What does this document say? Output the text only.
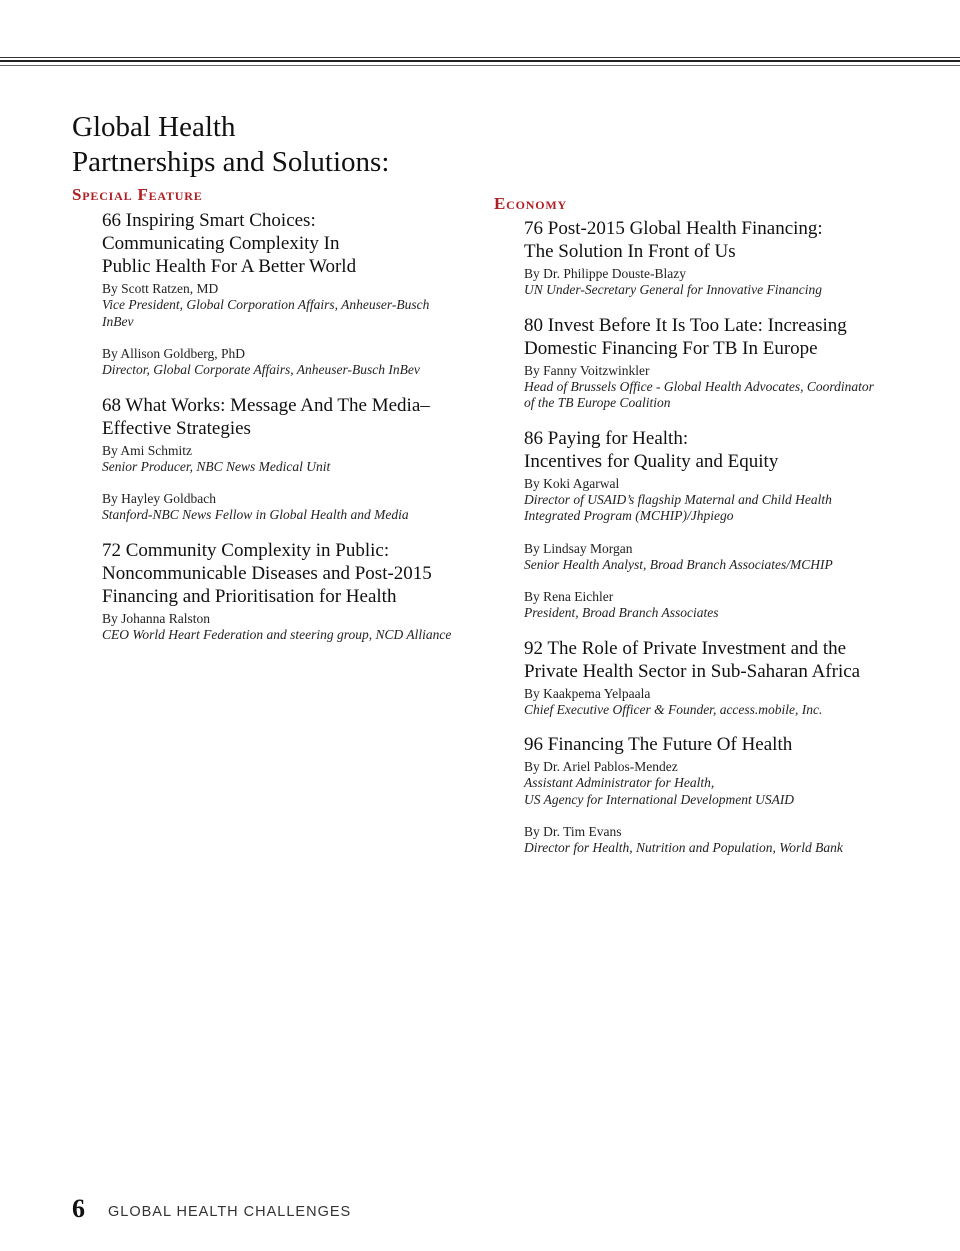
Global Health
Partnerships and Solutions:
Special Feature	Economy
66 Inspiring Smart Choices:
Communicating Complexity In
Public Health For A Better World
By Scott Ratzen, MD
Vice President, Global Corporation Affairs, Anheuser-Busch
InBev
By Allison Goldberg, PhD
Director, Global Corporate Affairs, Anheuser-Busch InBev
68 What Works: Message And The Media–
Effective Strategies
By Ami Schmitz
Senior Producer, NBC News Medical Unit
By Hayley Goldbach
Stanford-NBC News Fellow in Global Health and Media
72 Community Complexity in Public:
Noncommunicable Diseases and Post-2015
Financing and Prioritisation for Health
By Johanna Ralston
CEO World Heart Federation and steering group, NCD Alliance
76 Post-2015 Global Health Financing:
The Solution In Front of Us
By Dr. Philippe Douste-Blazy
UN Under-Secretary General for Innovative Financing
80 Invest Before It Is Too Late: Increasing
Domestic Financing For TB In Europe
By Fanny Voitzwinkler
Head of Brussels Office - Global Health Advocates, Coordinator
of the TB Europe Coalition
86 Paying for Health:
Incentives for Quality and Equity
By Koki Agarwal
Director of USAID’s flagship Maternal and Child Health
Integrated Program (MCHIP)/Jhpiego
By Lindsay Morgan
Senior Health Analyst, Broad Branch Associates/MCHIP
By Rena Eichler
President, Broad Branch Associates
92 The Role of Private Investment and the
Private Health Sector in Sub-Saharan Africa
By Kaakpema Yelpaala
Chief Executive Officer & Founder, access.mobile, Inc.
96 Financing The Future Of Health
By Dr. Ariel Pablos-Mendez
Assistant Administrator for Health,
US Agency for International Development USAID
By Dr. Tim Evans
Director for Health, Nutrition and Population, World Bank
6 GLOBAL HEALTH CHALLENGES
